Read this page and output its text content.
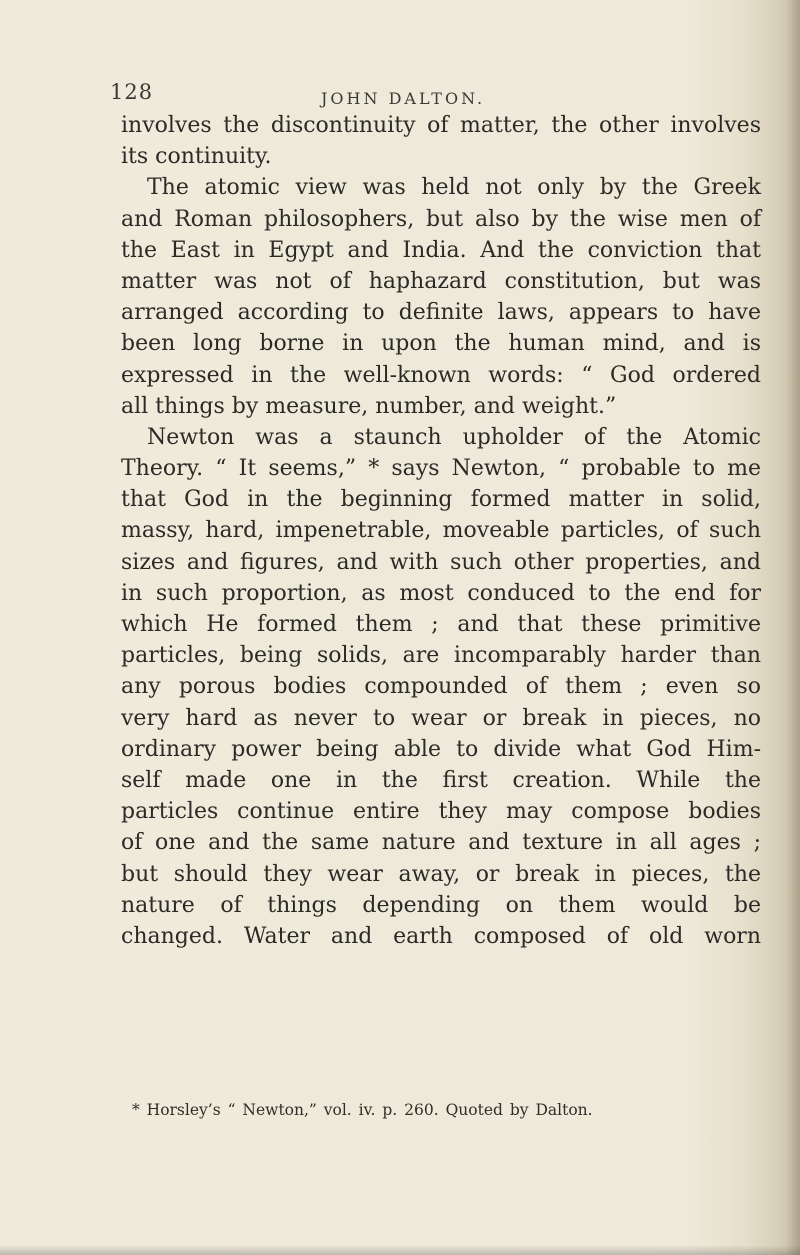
128	JOHN DALTON.
involves the discontinuity of matter, the other involves
its continuity.
The atomic view was held not only by the Greek
and Roman philosophers, but also by the wise men of
the East in Egypt and India. And the conviction that
matter was not of haphazard constitution, but was
arranged according to definite laws, appears to have
been long borne in upon the human mind, and is
expressed in the well-known words: “ God ordered
all things by measure, number, and weight.”
Newton was a staunch upholder of the Atomic
Theory. “ It seems,” * says Newton, “ probable to me
that God in the beginning formed matter in solid,
massy, hard, impenetrable, moveable particles, of such
sizes and figures, and with such other properties, and
in such proportion, as most conduced to the end for
which He formed them ; and that these primitive
particles, being solids, are incomparably harder than
any porous bodies compounded of them ; even so
very hard as never to wear or break in pieces, no
ordinary power being able to divide what God Him-
self made one in the first creation. While the
particles continue entire they may compose bodies
of one and the same nature and texture in all ages ;
but should they wear away, or break in pieces, the
nature of things depending on them would be
changed. Water and earth composed of old worn
* Horsley’s “ Newton,” vol. iv. p. 260. Quoted by Dalton.
